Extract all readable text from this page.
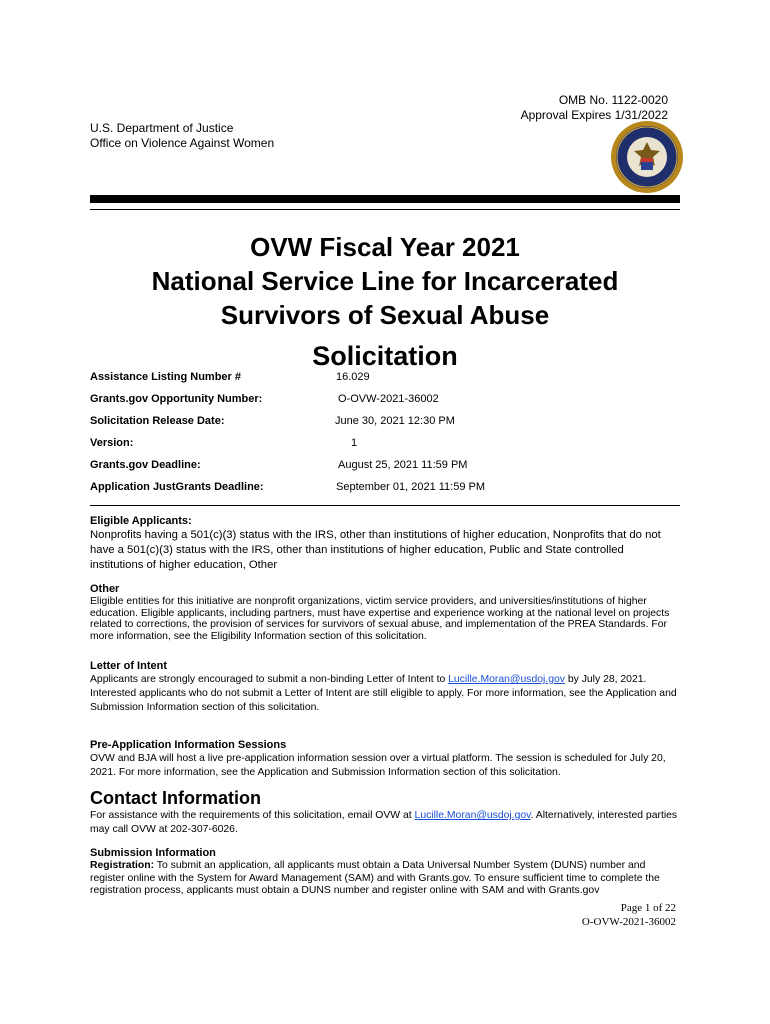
OMB No. 1122-0020
Approval Expires 1/31/2022
U.S. Department of Justice
Office on Violence Against Women
OVW Fiscal Year 2021
National Service Line for Incarcerated
Survivors of Sexual Abuse
Solicitation
Assistance Listing Number #	16.029
Grants.gov Opportunity Number:	O-OVW-2021-36002
Solicitation Release Date:	June 30, 2021 12:30 PM
Version:	1
Grants.gov Deadline:	August 25, 2021 11:59 PM
Application JustGrants Deadline:	September 01, 2021 11:59 PM

Eligible Applicants:

Nonprofits having a 501(c)(3) status with the IRS, other than institutions of higher education, Nonprofits that do not have a 501(c)(3) status with the IRS, other than institutions of higher education, Public and State controlled institutions of higher education, Other

Other

Eligible entities for this initiative are nonprofit organizations, victim service providers, and universities/institutions of higher education. Eligible applicants, including partners, must have expertise and experience working at the national level on projects related to corrections, the provision of services for survivors of sexual abuse, and implementation of the PREA Standards. For more information, see the Eligibility Information section of this solicitation.

Letter of Intent

Applicants are strongly encouraged to submit a non-binding Letter of Intent to Lucille.Moran@usdoj.gov by July 28, 2021. Interested applicants who do not submit a Letter of Intent are still eligible to apply. For more information, see the Application and Submission Information section of this solicitation.

Pre-Application Information Sessions

OVW and BJA will host a live pre-application information session over a virtual platform. The session is scheduled for July 20, 2021. For more information, see the Application and Submission Information section of this solicitation.

Contact Information

For assistance with the requirements of this solicitation, email OVW at Lucille.Moran@usdoj.gov. Alternatively, interested parties may call OVW at 202-307-6026.

Submission Information

Registration: To submit an application, all applicants must obtain a Data Universal Number System (DUNS) number and register online with the System for Award Management (SAM) and with Grants.gov. To ensure sufficient time to complete the registration process, applicants must obtain a DUNS number and register online with SAM and with Grants.gov

Page 1 of 22
O-OVW-2021-36002
